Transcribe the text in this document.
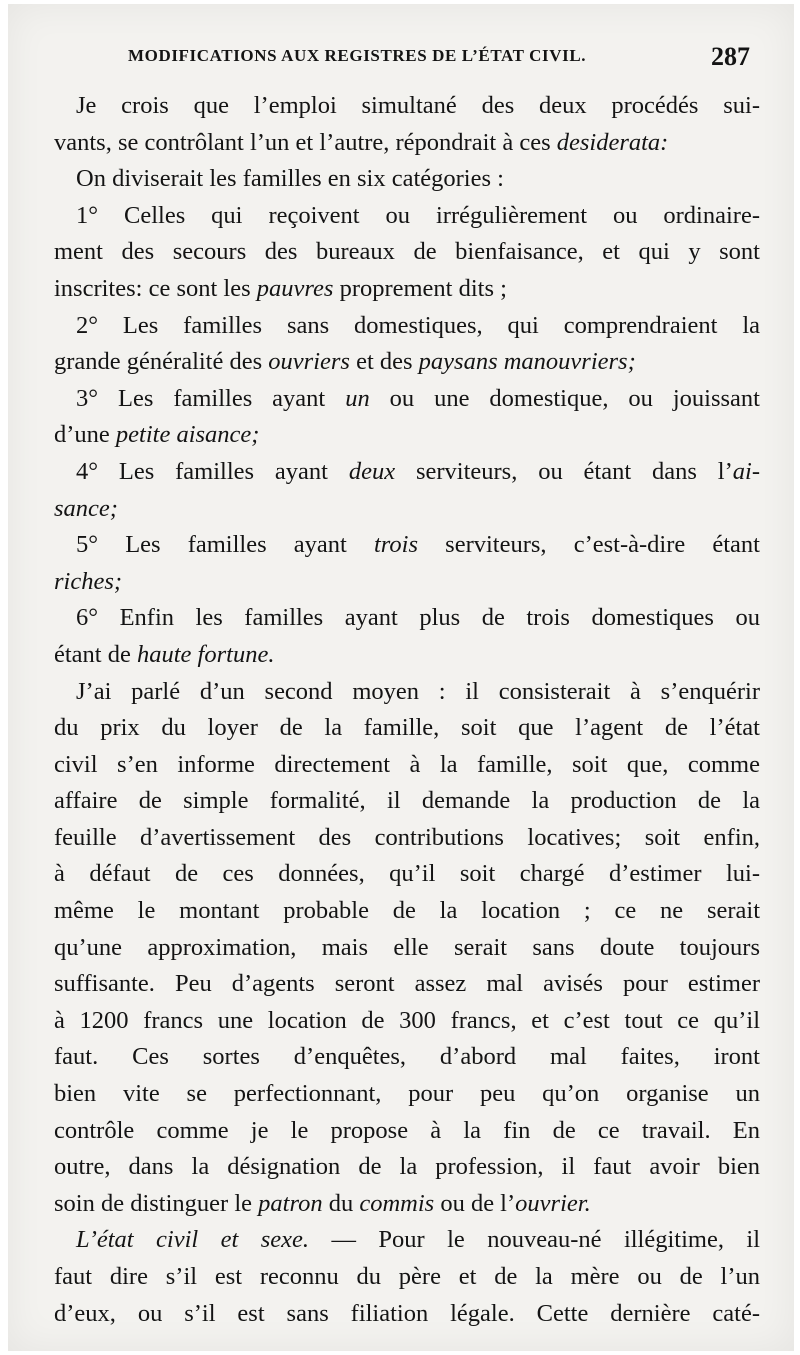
MODIFICATIONS AUX REGISTRES DE L’ÉTAT CIVIL.	287
Je crois que l’emploi simultané des deux procédés sui-
vants, se contrôlant l’un et l’autre, répondrait à ces desiderata:
On diviserait les familles en six catégories :
1° Celles qui reçoivent ou irrégulièrement ou ordinaire-
ment des secours des bureaux de bienfaisance, et qui y sont
inscrites: ce sont les pauvres proprement dits ;
2° Les familles sans domestiques, qui comprendraient la
grande généralité des ouvriers et des paysans manouvriers;
3° Les familles ayant un ou une domestique, ou jouissant
d’une petite aisance;
4° Les familles ayant deux serviteurs, ou étant dans l’ai-
sance;
5° Les familles ayant trois serviteurs, c’est-à-dire étant
riches;
6° Enfin les familles ayant plus de trois domestiques ou
étant de haute fortune.
J’ai parlé d’un second moyen : il consisterait à s’enquérir
du prix du loyer de la famille, soit que l’agent de l’état
civil s’en informe directement à la famille, soit que, comme
affaire de simple formalité, il demande la production de la
feuille d’avertissement des contributions locatives; soit enfin,
à défaut de ces données, qu’il soit chargé d’estimer lui-
même le montant probable de la location ; ce ne serait
qu’une approximation, mais elle serait sans doute toujours
suffisante. Peu d’agents seront assez mal avisés pour estimer
à 1200 francs une location de 300 francs, et c’est tout ce qu’il
faut. Ces sortes d’enquêtes, d’abord mal faites, iront
bien vite se perfectionnant, pour peu qu’on organise un
contrôle comme je le propose à la fin de ce travail. En
outre, dans la désignation de la profession, il faut avoir bien
soin de distinguer le patron du commis ou de l’ouvrier.
L’état civil et sexe. — Pour le nouveau-né illégitime, il
faut dire s’il est reconnu du père et de la mère ou de l’un
d’eux, ou s’il est sans filiation légale. Cette dernière caté-
